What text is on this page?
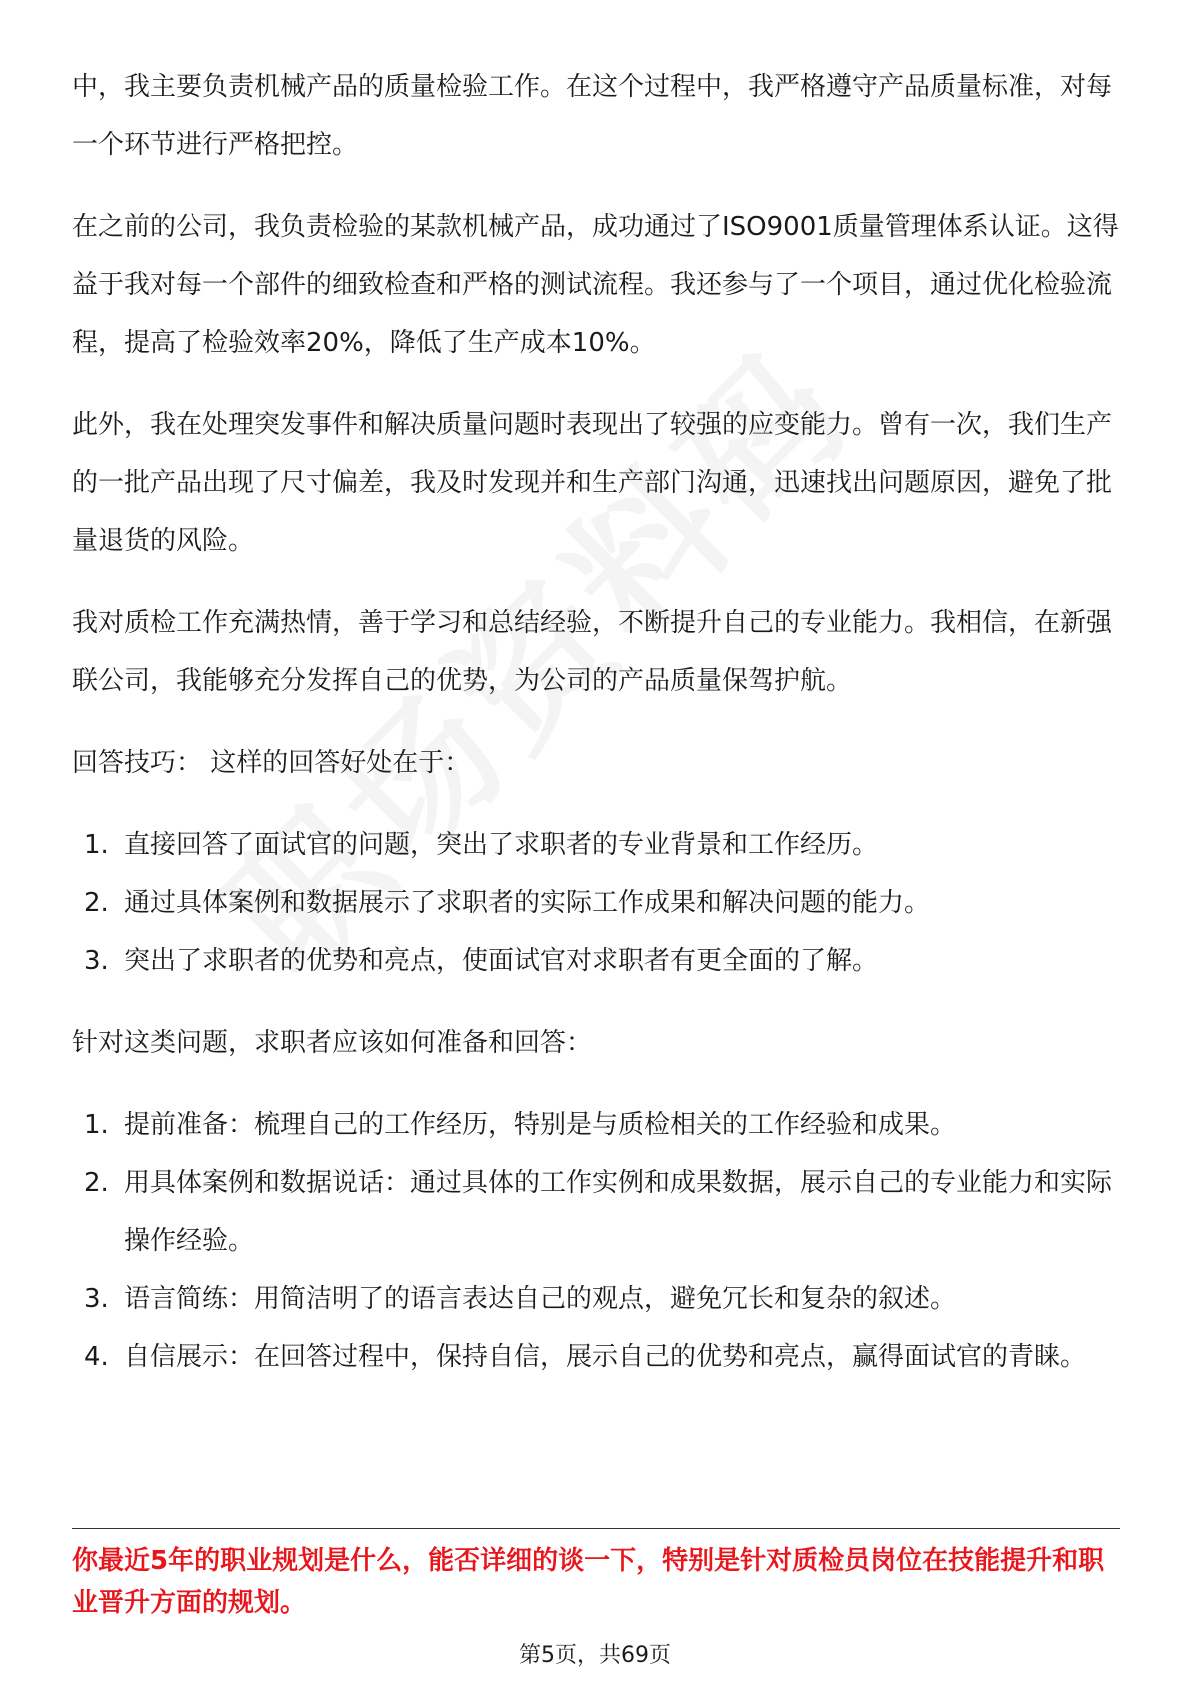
中，我主要负责机械产品的质量检验工作。在这个过程中，我严格遵守产品质量标准，对每一个环节进行严格把控。

在之前的公司，我负责检验的某款机械产品，成功通过了ISO9001质量管理体系认证。这得益于我对每一个部件的细致检查和严格的测试流程。我还参与了一个项目，通过优化检验流程，提高了检验效率20%，降低了生产成本10%。

此外，我在处理突发事件和解决质量问题时表现出了较强的应变能力。曾有一次，我们生产的一批产品出现了尺寸偏差，我及时发现并和生产部门沟通，迅速找出问题原因，避免了批量退货的风险。

我对质检工作充满热情，善于学习和总结经验，不断提升自己的专业能力。我相信，在新强联公司，我能够充分发挥自己的优势，为公司的产品质量保驾护航。

回答技巧： 这样的回答好处在于：

1. 直接回答了面试官的问题，突出了求职者的专业背景和工作经历。
2. 通过具体案例和数据展示了求职者的实际工作成果和解决问题的能力。
3. 突出了求职者的优势和亮点，使面试官对求职者有更全面的了解。

针对这类问题，求职者应该如何准备和回答：

1. 提前准备：梳理自己的工作经历，特别是与质检相关的工作经验和成果。
2. 用具体案例和数据说话：通过具体的工作实例和成果数据，展示自己的专业能力和实际操作经验。
3. 语言简练：用简洁明了的语言表达自己的观点，避免冗长和复杂的叙述。
4. 自信展示：在回答过程中，保持自信，展示自己的优势和亮点，赢得面试官的青睐。
你最近5年的职业规划是什么，能否详细的谈一下，特别是针对质检员岗位在技能提升和职业晋升方面的规划。
第5页，共69页
